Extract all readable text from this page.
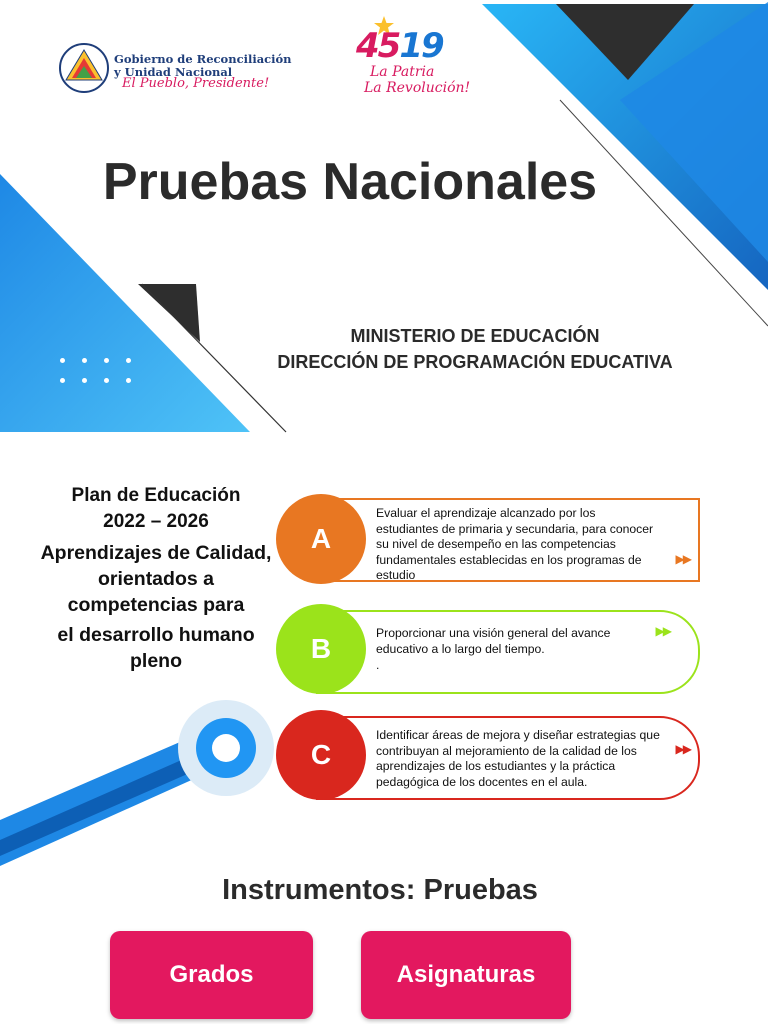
Gobierno de Reconciliación
y Unidad Nacional
El Pueblo, Presidente!
4519
La Patria
La Revolución!
Pruebas Nacionales
MINISTERIO DE EDUCACIÓN
DIRECCIÓN DE PROGRAMACIÓN EDUCATIVA
Plan de Educación
2022 – 2026
Aprendizajes de Calidad, orientados a competencias para
el desarrollo humano pleno
A
Evaluar el aprendizaje alcanzado por los estudiantes de primaria y secundaria, para conocer su nivel de desempeño en las competencias fundamentales establecidas en los programas de estudio
▶▶
B	Proporcionar una visión general del avance educativo a lo largo del tiempo.
.
▶▶
C
Identificar áreas de mejora y diseñar estrategias que contribuyan al mejoramiento de la calidad de los aprendizajes de los estudiantes y la práctica pedagógica de los docentes en el aula.
▶▶
Instrumentos: Pruebas
Grados	Asignaturas
